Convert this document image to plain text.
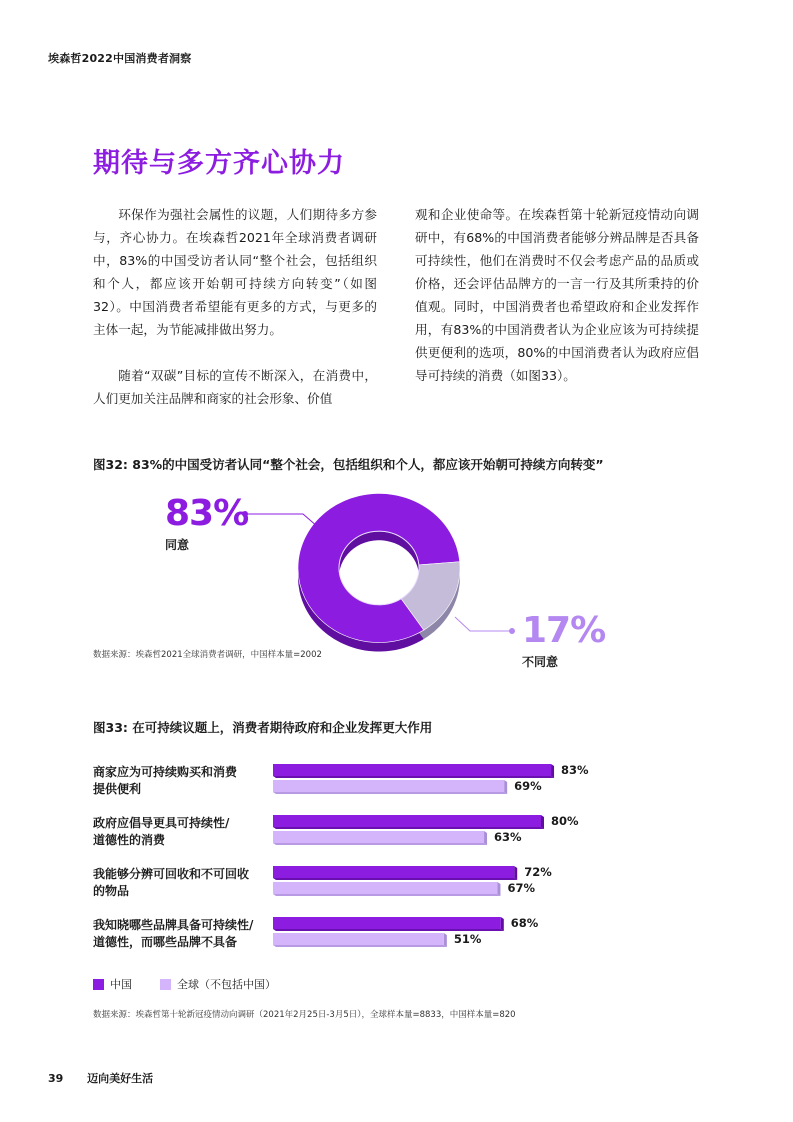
埃森哲2022中国消费者洞察
期待与多方齐心协力

环保作为强社会属性的议题，人们期待多方参与，齐心协力。在埃森哲2021年全球消费者调研中，83%的中国受访者认同“整个社会，包括组织和个人，都应该开始朝可持续方向转变”（如图32）。中国消费者希望能有更多的方式，与更多的主体一起，为节能减排做出努力。

随着“双碳”目标的宣传不断深入，在消费中，人们更加关注品牌和商家的社会形象、价值

观和企业使命等。在埃森哲第十轮新冠疫情动向调研中，有68%的中国消费者能够分辨品牌是否具备可持续性，他们在消费时不仅会考虑产品的品质或价格，还会评估品牌方的一言一行及其所秉持的价值观。同时，中国消费者也希望政府和企业发挥作用，有83%的中国消费者认为企业应该为可持续提供更便利的选项，80%的中国消费者认为政府应倡导可持续的消费（如图33）。

图32: 83%的中国受访者认同“整个社会，包括组织和个人，都应该开始朝可持续方向转变”
83%
同意
17%
不同意
数据来源：埃森哲2021全球消费者调研，中国样本量=2002
图33: 在可持续议题上，消费者期待政府和企业发挥更大作用
商家应为可持续购买和消费
提供便利
83%
69%
政府应倡导更具可持续性/
道德性的消费
80%
63%
我能够分辨可回收和不可回收
的物品
72%
67%
我知晓哪些品牌具备可持续性/
道德性，而哪些品牌不具备
68%
51%
中国	全球（不包括中国）
数据来源：埃森哲第十轮新冠疫情动向调研（2021年2月25日-3月5日），全球样本量=8833，中国样本量=820
39 迈向美好生活
